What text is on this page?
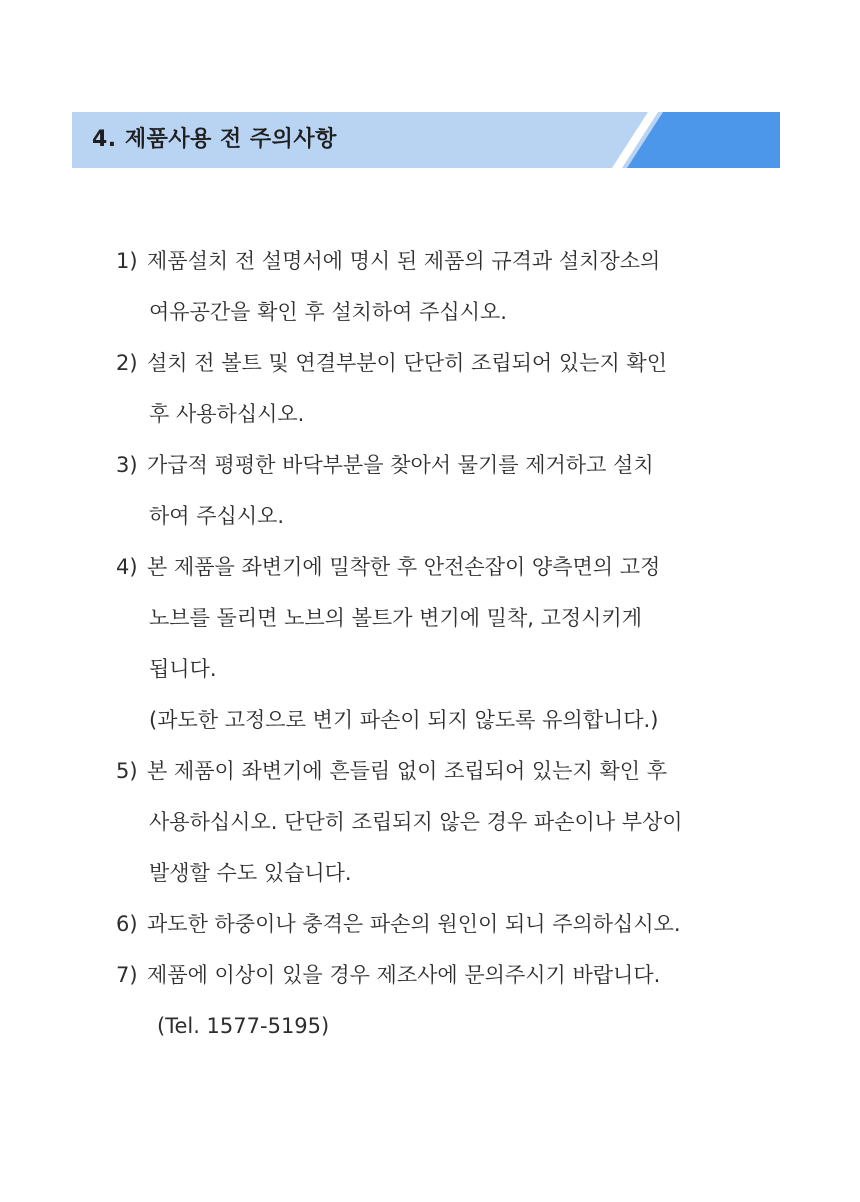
4. 제품사용 전 주의사항
1) 제품설치 전 설명서에 명시 된 제품의 규격과 설치장소의
여유공간을 확인 후 설치하여 주십시오.
2) 설치 전 볼트 및 연결부분이 단단히 조립되어 있는지 확인
후 사용하십시오.
3) 가급적 평평한 바닥부분을 찾아서 물기를 제거하고 설치
하여 주십시오.
4) 본 제품을 좌변기에 밀착한 후 안전손잡이 양측면의 고정
노브를 돌리면 노브의 볼트가 변기에 밀착, 고정시키게
됩니다.
(과도한 고정으로 변기 파손이 되지 않도록 유의합니다.)
5) 본 제품이 좌변기에 흔들림 없이 조립되어 있는지 확인 후
사용하십시오. 단단히 조립되지 않은 경우 파손이나 부상이
발생할 수도 있습니다.
6) 과도한 하중이나 충격은 파손의 원인이 되니 주의하십시오.
7) 제품에 이상이 있을 경우 제조사에 문의주시기 바랍니다.
(Tel. 1577-5195)
